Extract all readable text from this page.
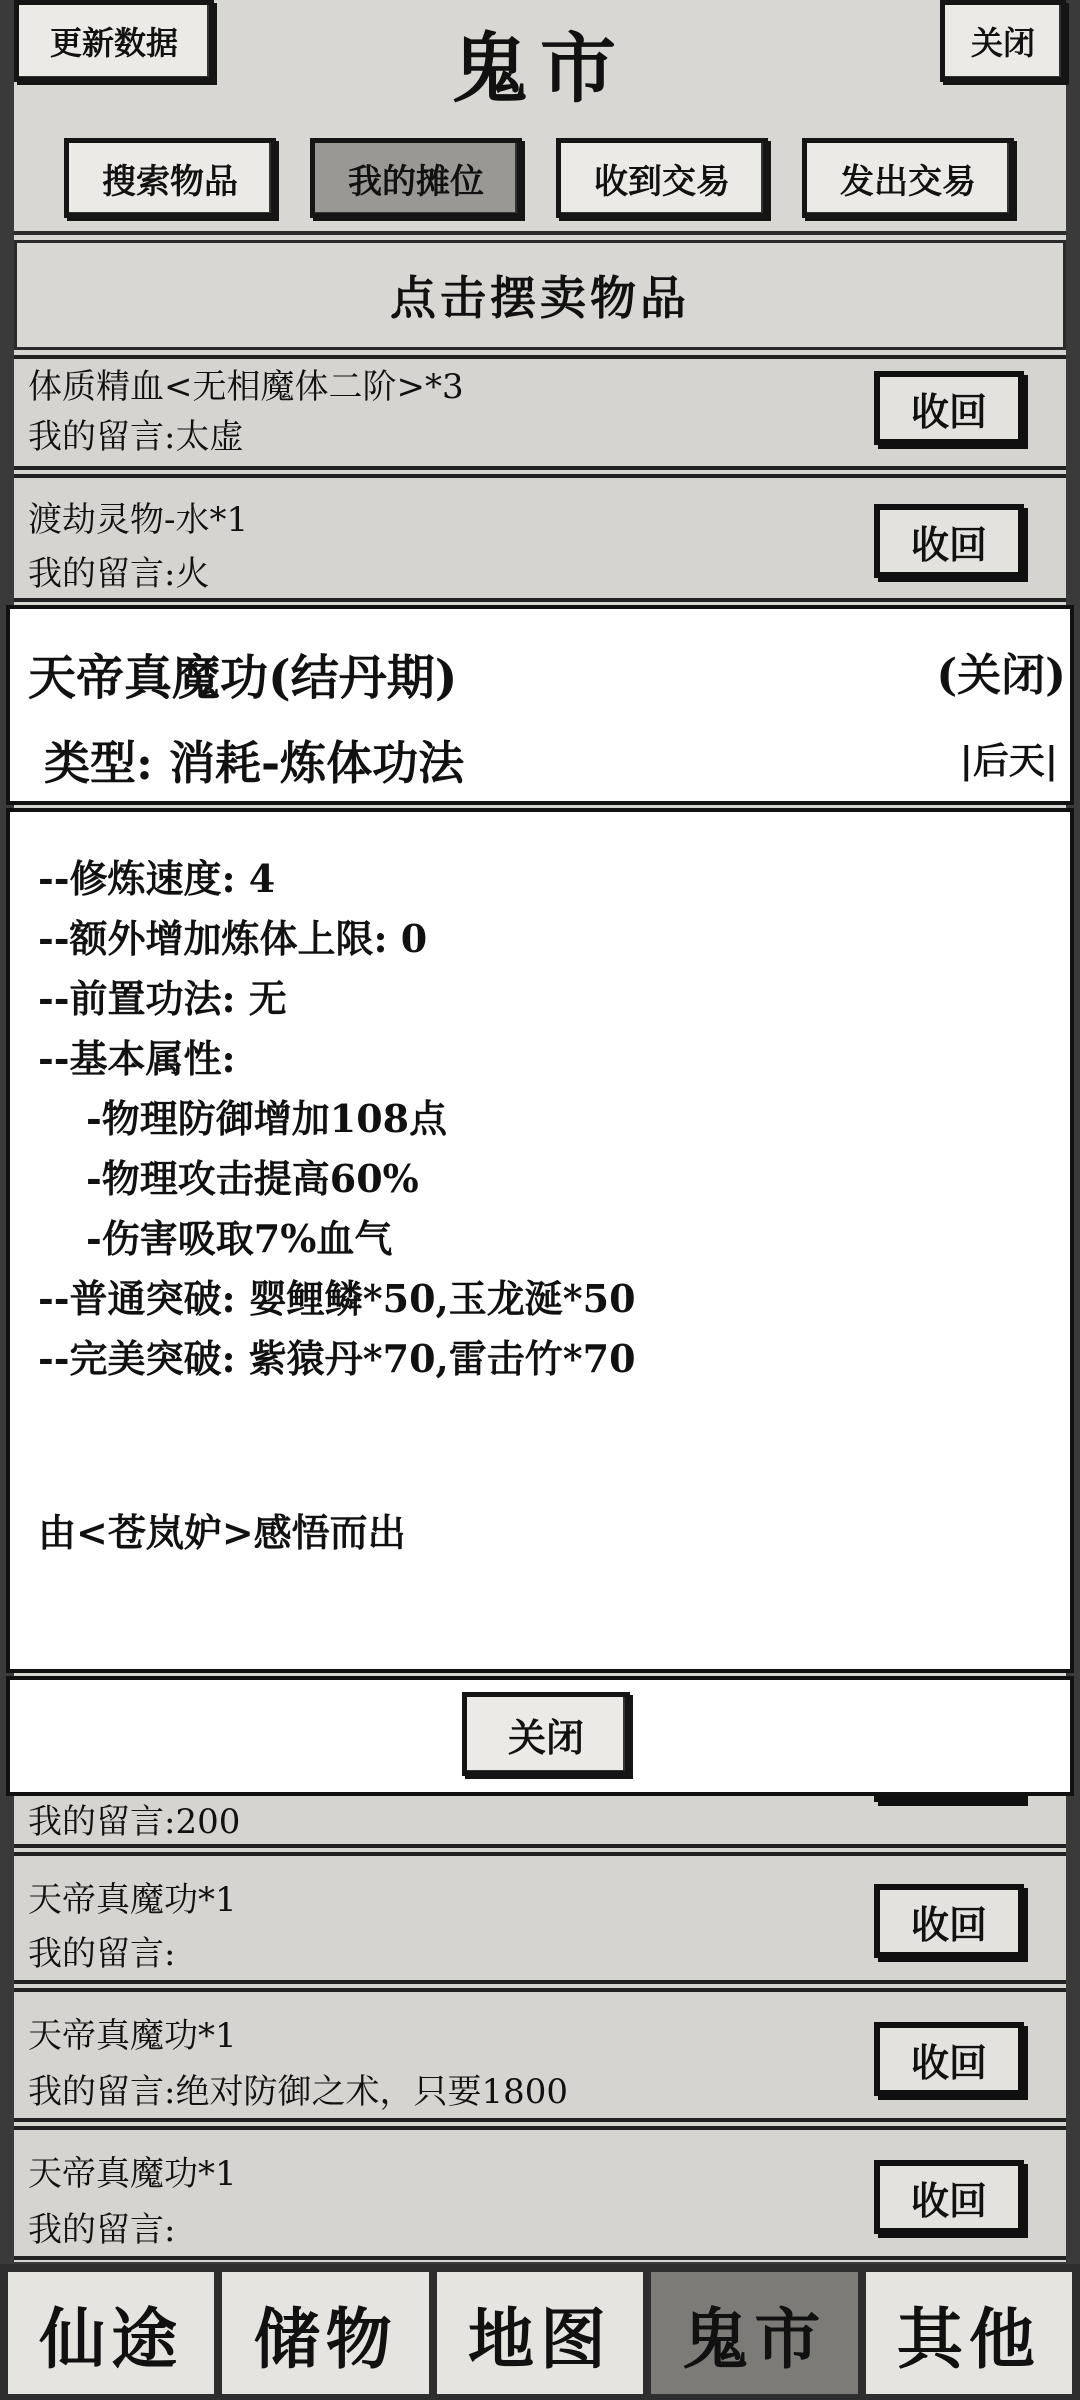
更新数据	鬼市	关闭
搜索物品	我的摊位	收到交易	发出交易
点击摆卖物品
体质精血<无相魔体二阶>*3
我的留言:太虚
收回
渡劫灵物-水*1
我的留言:火
收回
我的留言:200
天帝真魔功*1
我的留言:
收回
天帝真魔功*1
我的留言:绝对防御之术，只要1800
收回
天帝真魔功*1
我的留言:
收回
天帝真魔功(结丹期)	(关闭)
类型: 消耗-炼体功法	|后天|
--修炼速度: 4
--额外增加炼体上限: 0
--前置功法: 无
--基本属性:
-物理防御增加108点
-物理攻击提高60%
-伤害吸取7%血气
--普通突破: 婴鲤鳞*50,玉龙涎*50
--完美突破: 紫猿丹*70,雷击竹*70
由<苍岚妒>感悟而出
关闭
仙途	储物	地图	鬼市	其他
